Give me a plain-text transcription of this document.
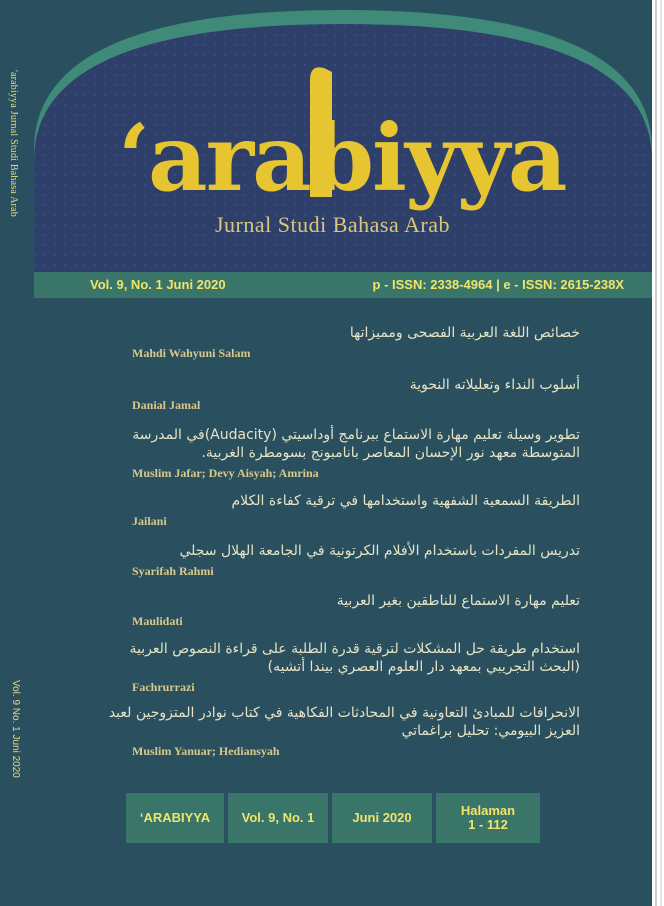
'arabiyya Jurnal Studi Bahasa Arab ‘arabiyya
Jurnal Studi Bahasa Arab
Vol. 9, No. 1 Juni 2020	p - ISSN: 2338-4964 | e - ISSN: 2615-238X
خصائص اللغة العربية الفصحى ومميزاتها
Mahdi Wahyuni Salam
أسلوب النداء وتعليلاته النحوية
Danial Jamal
تطوير وسيلة تعليم مهارة الاستماع ببرنامج أوداسيتي (Audacity)في المدرسة المتوسطة معهد نور الإحسان المعاصر بانامبونج بسومطرة الغربية.
Muslim Jafar; Devy Aisyah; Amrina
الطريقة السمعية الشفهية واستخدامها في ترقية كفاءة الكلام
Jailani
تدريس المفردات باستخدام الأفلام الكرتونية في الجامعة الهلال سجلي
Syarifah Rahmi
تعليم مهارة الاستماع للناطقين بغير العربية
Maulidati
استخدام طريقة حل المشكلات لترقية قدرة الطلبة على قراءة النصوص العربية (البحث التجريبي بمعهد دار العلوم العصري بيندا أتشيه)
Fachrurrazi
الانحرافات للمبادئ التعاونية في المحادثات الفكاهية في كتاب نوادر المتزوجين لعبد العزيز البيومي: تحليل براغماتي
Muslim Yanuar; Hediansyah
Vol. 9 No. 1 Juni 2020
‘ARABIYYA	Vol. 9, No. 1	Juni 2020	Halaman
1 - 112
